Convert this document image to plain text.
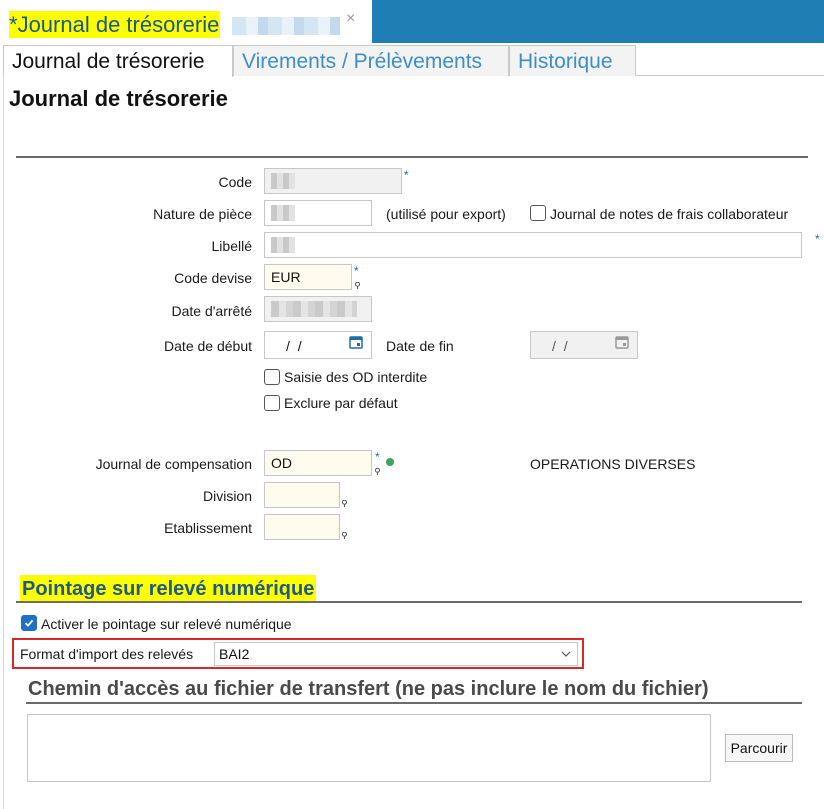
*Journal de trésorerie	×
Journal de trésorerie	Virements / Prélèvements	Historique
Journal de trésorerie
Code	*
Nature de pièce	(utilisé pour export)	Journal de notes de frais collaborateur
Libellé	*
Code devise	EUR	*
Date d'arrêté
Date de début / /	Date de fin	/ /
Saisie des OD interdite
Exclure par défaut
Journal de compensation	OD	*	OPERATIONS DIVERSES
Division
Etablissement
Pointage sur relevé numérique
Activer le pointage sur relevé numérique
Format d'import des relevés	BAI2
Chemin d'accès au fichier de transfert (ne pas inclure le nom du fichier)
Parcourir
